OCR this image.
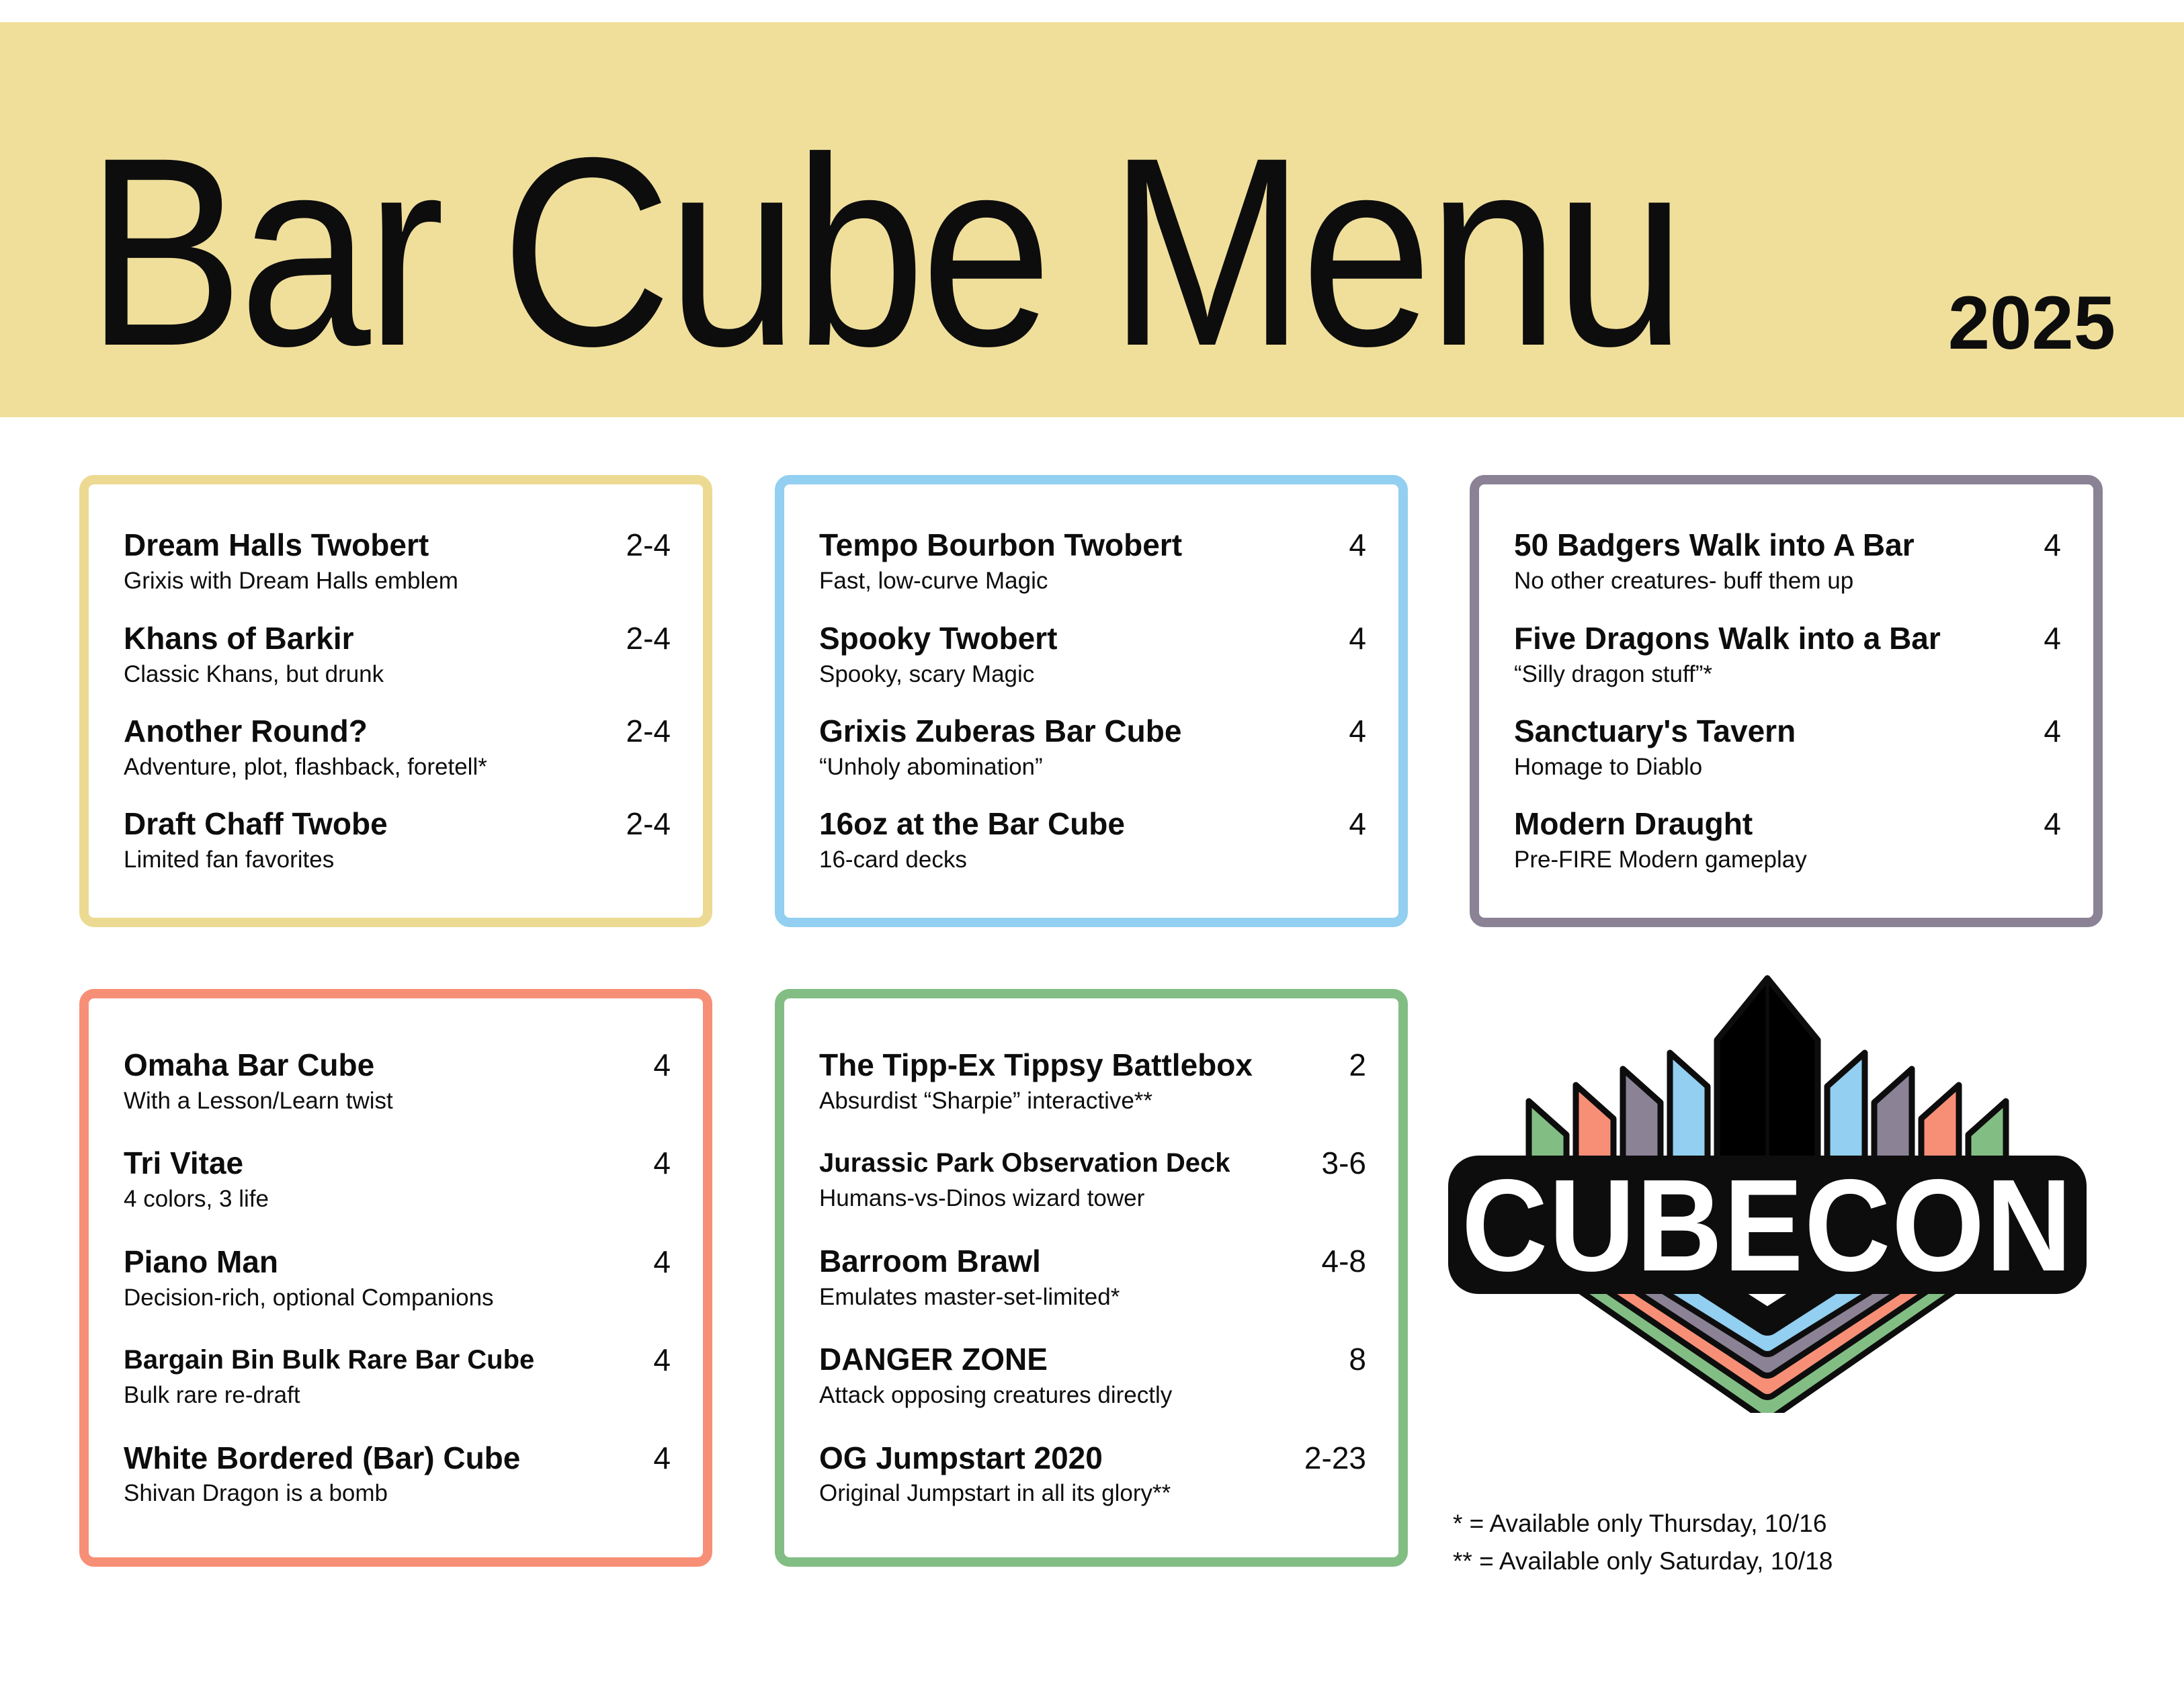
Bar Cube Menu	2025
Dream Halls Twobert
Grixis with Dream Halls emblem
2-4
Khans of Barkir
Classic Khans, but drunk
2-4
Another Round?
Adventure, plot, flashback, foretell*
2-4
Draft Chaff Twobe
Limited fan favorites
2-4
Tempo Bourbon Twobert
Fast, low-curve Magic
4
Spooky Twobert
Spooky, scary Magic
4
Grixis Zuberas Bar Cube
“Unholy abomination”
4
16oz at the Bar Cube
16-card decks
4
50 Badgers Walk into A Bar
No other creatures- buff them up
4
Five Dragons Walk into a Bar
“Silly dragon stuff”*
4
Sanctuary's Tavern
Homage to Diablo
4
Modern Draught
Pre-FIRE Modern gameplay
4
Omaha Bar Cube
With a Lesson/Learn twist
4
Tri Vitae
4 colors, 3 life
4
Piano Man
Decision-rich, optional Companions
4
Bargain Bin Bulk Rare Bar Cube
Bulk rare re-draft
4
White Bordered (Bar) Cube
Shivan Dragon is a bomb
4
The Tipp-Ex Tippsy Battlebox
Absurdist “Sharpie” interactive**
2
Jurassic Park Observation Deck
Humans-vs-Dinos wizard tower
3-6
Barroom Brawl
Emulates master-set-limited*
4-8
DANGER ZONE
Attack opposing creatures directly
8
OG Jumpstart 2020
Original Jumpstart in all its glory**
2-23
CUBECON
* = Available only Thursday, 10/16
** = Available only Saturday, 10/18
